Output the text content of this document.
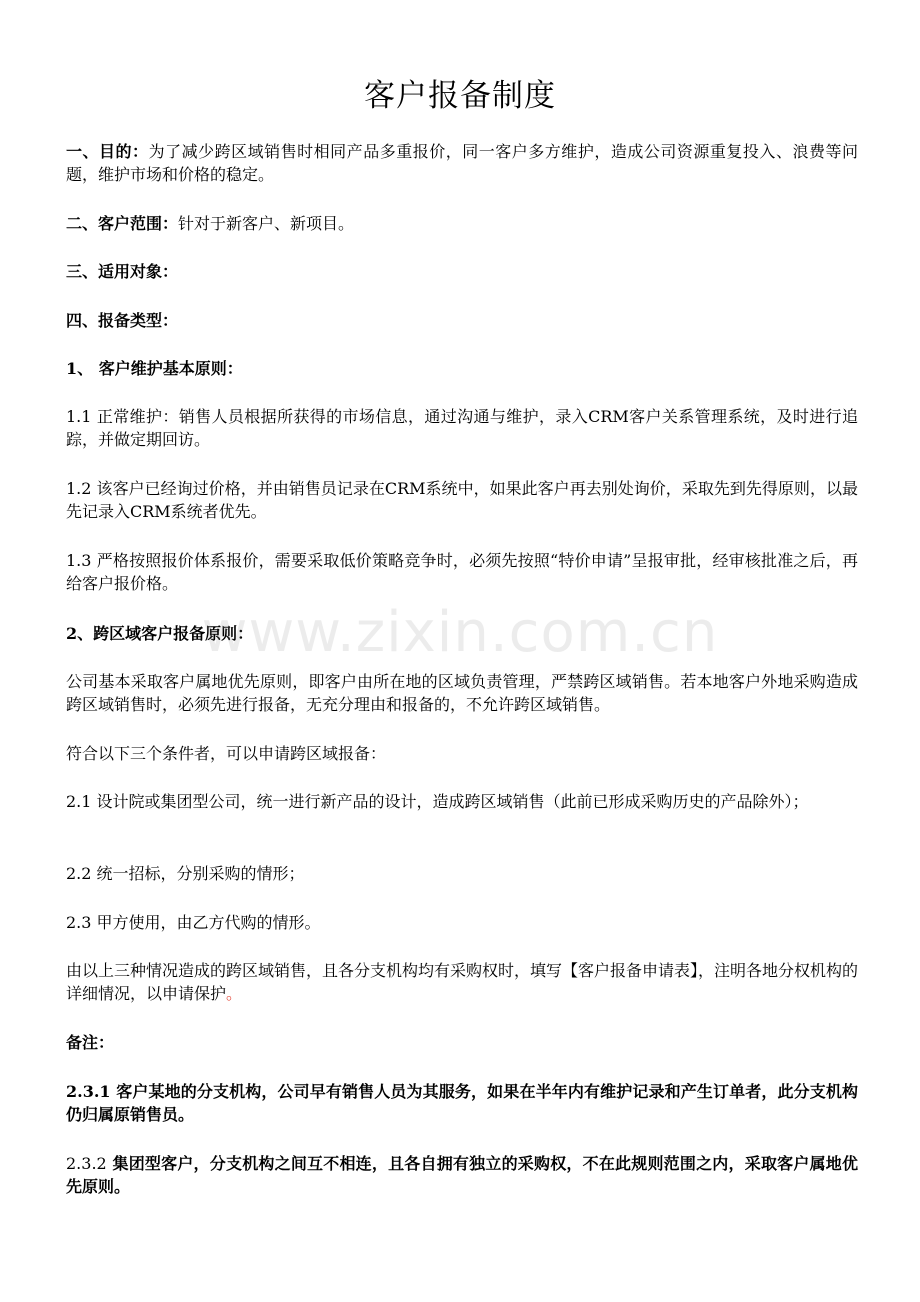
客户报备制度

一、目的：为了减少跨区域销售时相同产品多重报价，同一客户多方维护，造成公司资源重复投入、浪费等问题，维护市场和价格的稳定。

二、客户范围：针对于新客户、新项目。

三、适用对象：

四、报备类型：

1、 客户维护基本原则：

1.1 正常维护：销售人员根据所获得的市场信息，通过沟通与维护，录入CRM客户关系管理系统，及时进行追踪，并做定期回访。

1.2 该客户已经询过价格，并由销售员记录在CRM系统中，如果此客户再去别处询价，采取先到先得原则，以最先记录入CRM系统者优先。

1.3 严格按照报价体系报价，需要采取低价策略竞争时，必须先按照“特价申请”呈报审批，经审核批准之后，再给客户报价格。

2、跨区域客户报备原则：

公司基本采取客户属地优先原则，即客户由所在地的区域负责管理，严禁跨区域销售。若本地客户外地采购造成跨区域销售时，必须先进行报备，无充分理由和报备的，不允许跨区域销售。

符合以下三个条件者，可以申请跨区域报备：

2.1 设计院或集团型公司，统一进行新产品的设计，造成跨区域销售（此前已形成采购历史的产品除外）；

2.2 统一招标，分别采购的情形；

2.3 甲方使用，由乙方代购的情形。

由以上三种情况造成的跨区域销售，且各分支机构均有采购权时，填写【客户报备申请表】，注明各地分权机构的详细情况，以申请保护。

备注：

2.3.1 客户某地的分支机构，公司早有销售人员为其服务，如果在半年内有维护记录和产生订单者，此分支机构仍归属原销售员。

2.3.2 集团型客户，分支机构之间互不相连，且各自拥有独立的采购权，不在此规则范围之内，采取客户属地优先原则。

www.zixin.com.cn
